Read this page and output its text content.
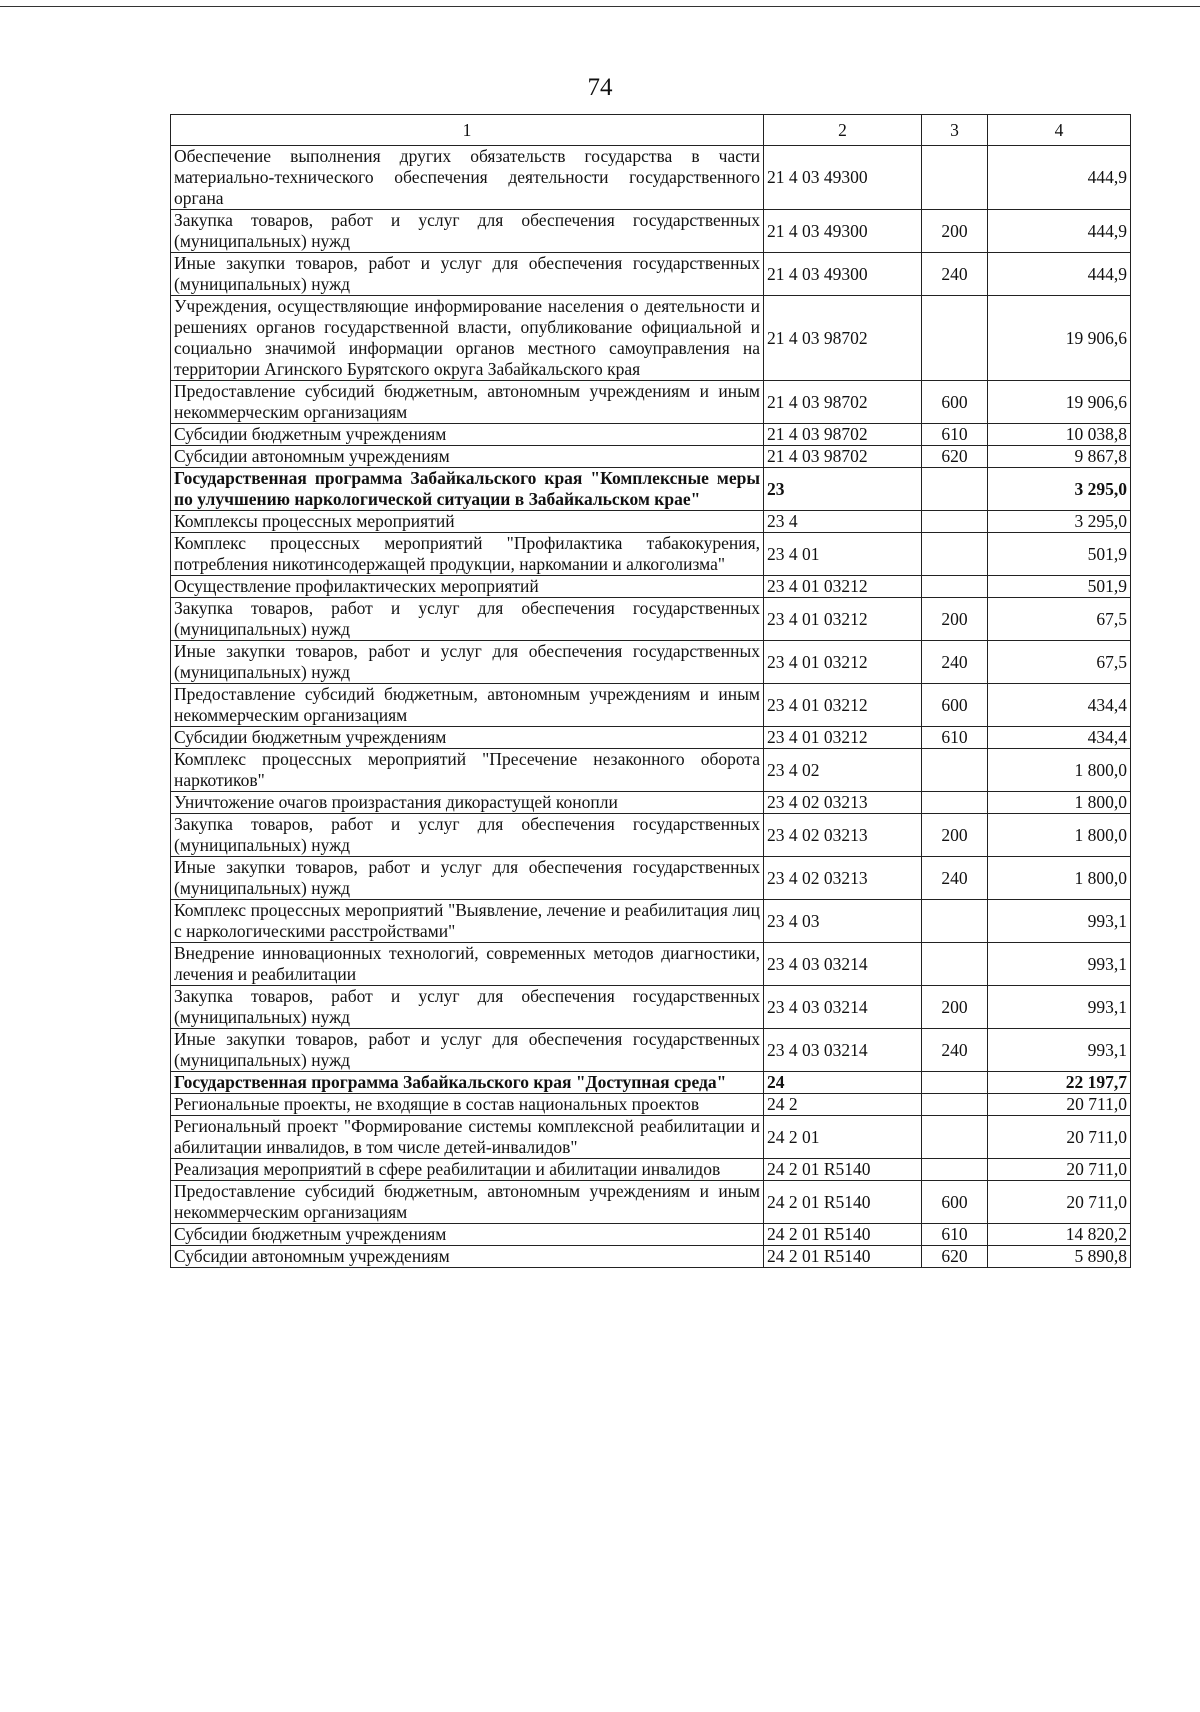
74
1	2	3	4
Обеспечение выполнения других обязательств государства в части материально-технического обеспечения деятельности государственного органа	21 4 03 49300		444,9
Закупка товаров, работ и услуг для обеспечения государственных (муниципальных) нужд	21 4 03 49300	200	444,9
Иные закупки товаров, работ и услуг для обеспечения государственных (муниципальных) нужд	21 4 03 49300	240	444,9
Учреждения, осуществляющие информирование населения о деятельности и решениях органов государственной власти, опубликование официальной и социально значимой информации органов местного самоуправления на территории Агинского Бурятского округа Забайкальского края	21 4 03 98702		19 906,6
Предоставление субсидий бюджетным, автономным учреждениям и иным некоммерческим организациям	21 4 03 98702	600	19 906,6
Субсидии бюджетным учреждениям	21 4 03 98702	610	10 038,8
Субсидии автономным учреждениям	21 4 03 98702	620	9 867,8
Государственная программа Забайкальского края "Комплексные меры по улучшению наркологической ситуации в Забайкальском крае"	23		3 295,0
Комплексы процессных мероприятий	23 4		3 295,0
Комплекс процессных мероприятий "Профилактика табакокурения, потребления никотинсодержащей продукции, наркомании и алкоголизма"	23 4 01		501,9
Осуществление профилактических мероприятий	23 4 01 03212		501,9
Закупка товаров, работ и услуг для обеспечения государственных (муниципальных) нужд	23 4 01 03212	200	67,5
Иные закупки товаров, работ и услуг для обеспечения государственных (муниципальных) нужд	23 4 01 03212	240	67,5
Предоставление субсидий бюджетным, автономным учреждениям и иным некоммерческим организациям	23 4 01 03212	600	434,4
Субсидии бюджетным учреждениям	23 4 01 03212	610	434,4
Комплекс процессных мероприятий "Пресечение незаконного оборота наркотиков"	23 4 02		1 800,0
Уничтожение очагов произрастания дикорастущей конопли	23 4 02 03213		1 800,0
Закупка товаров, работ и услуг для обеспечения государственных (муниципальных) нужд	23 4 02 03213	200	1 800,0
Иные закупки товаров, работ и услуг для обеспечения государственных (муниципальных) нужд	23 4 02 03213	240	1 800,0
Комплекс процессных мероприятий "Выявление, лечение и реабилитация лиц с наркологическими расстройствами"	23 4 03		993,1
Внедрение инновационных технологий, современных методов диагностики, лечения и реабилитации	23 4 03 03214		993,1
Закупка товаров, работ и услуг для обеспечения государственных (муниципальных) нужд	23 4 03 03214	200	993,1
Иные закупки товаров, работ и услуг для обеспечения государственных (муниципальных) нужд	23 4 03 03214	240	993,1
Государственная программа Забайкальского края "Доступная среда"	24		22 197,7
Региональные проекты, не входящие в состав национальных проектов	24 2		20 711,0
Региональный проект "Формирование системы комплексной реабилитации и абилитации инвалидов, в том числе детей-инвалидов"	24 2 01		20 711,0
Реализация мероприятий в сфере реабилитации и абилитации инвалидов	24 2 01 R5140		20 711,0
Предоставление субсидий бюджетным, автономным учреждениям и иным некоммерческим организациям	24 2 01 R5140	600	20 711,0
Субсидии бюджетным учреждениям	24 2 01 R5140	610	14 820,2
Субсидии автономным учреждениям	24 2 01 R5140	620	5 890,8
